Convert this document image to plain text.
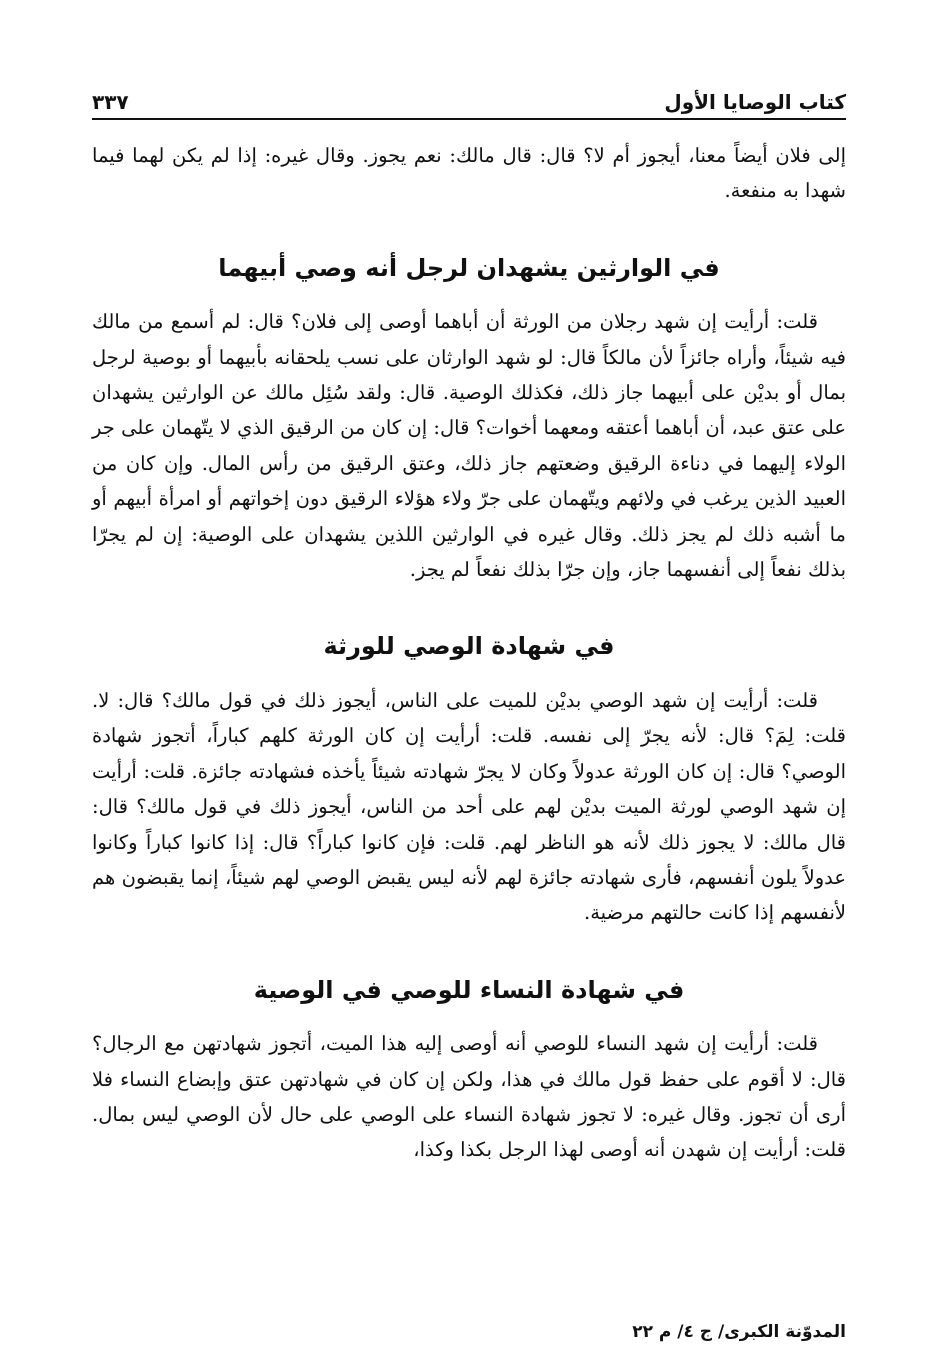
كتاب الوصايا الأول
٣٣٧

إلى فلان أيضاً معنا، أيجوز أم لا؟ قال: قال مالك: نعم يجوز. وقال غيره: إذا لم يكن لهما فيما شهدا به منفعة.

في الوارثين يشهدان لرجل أنه وصي أبيهما

قلت: أرأيت إن شهد رجلان من الورثة أن أباهما أوصى إلى فلان؟ قال: لم أسمع من مالك فيه شيئاً، وأراه جائزاً لأن مالكاً قال: لو شهد الوارثان على نسب يلحقانه بأبيهما أو بوصية لرجل بمال أو بديْن على أبيهما جاز ذلك، فكذلك الوصية. قال: ولقد سُئِل مالك عن الوارثين يشهدان على عتق عبد، أن أباهما أعتقه ومعهما أخوات؟ قال: إن كان من الرقيق الذي لا يتّهمان على جر الولاء إليهما في دناءة الرقيق وضعتهم جاز ذلك، وعتق الرقيق من رأس المال. وإن كان من العبيد الذين يرغب في ولائهم ويتّهمان على جرّ ولاء هؤلاء الرقيق دون إخواتهم أو امرأة أبيهم أو ما أشبه ذلك لم يجز ذلك. وقال غيره في الوارثين اللذين يشهدان على الوصية: إن لم يجرّا بذلك نفعاً إلى أنفسهما جاز، وإن جرّا بذلك نفعاً لم يجز.

في شهادة الوصي للورثة

قلت: أرأيت إن شهد الوصي بديْن للميت على الناس، أيجوز ذلك في قول مالك؟ قال: لا. قلت: لِمَ؟ قال: لأنه يجرّ إلى نفسه. قلت: أرأيت إن كان الورثة كلهم كباراً، أتجوز شهادة الوصي؟ قال: إن كان الورثة عدولاً وكان لا يجرّ شهادته شيئاً يأخذه فشهادته جائزة. قلت: أرأيت إن شهد الوصي لورثة الميت بديْن لهم على أحد من الناس، أيجوز ذلك في قول مالك؟ قال: قال مالك: لا يجوز ذلك لأنه هو الناظر لهم. قلت: فإن كانوا كباراً؟ قال: إذا كانوا كباراً وكانوا عدولاً يلون أنفسهم، فأرى شهادته جائزة لهم لأنه ليس يقبض الوصي لهم شيئاً، إنما يقبضون هم لأنفسهم إذا كانت حالتهم مرضية.

في شهادة النساء للوصي في الوصية

قلت: أرأيت إن شهد النساء للوصي أنه أوصى إليه هذا الميت، أتجوز شهادتهن مع الرجال؟ قال: لا أقوم على حفظ قول مالك في هذا، ولكن إن كان في شهادتهن عتق وإبضاع النساء فلا أرى أن تجوز. وقال غيره: لا تجوز شهادة النساء على الوصي على حال لأن الوصي ليس بمال. قلت: أرأيت إن شهدن أنه أوصى لهذا الرجل بكذا وكذا،

المدوّنة الكبرى/ ج ٤/ م ٢٢
